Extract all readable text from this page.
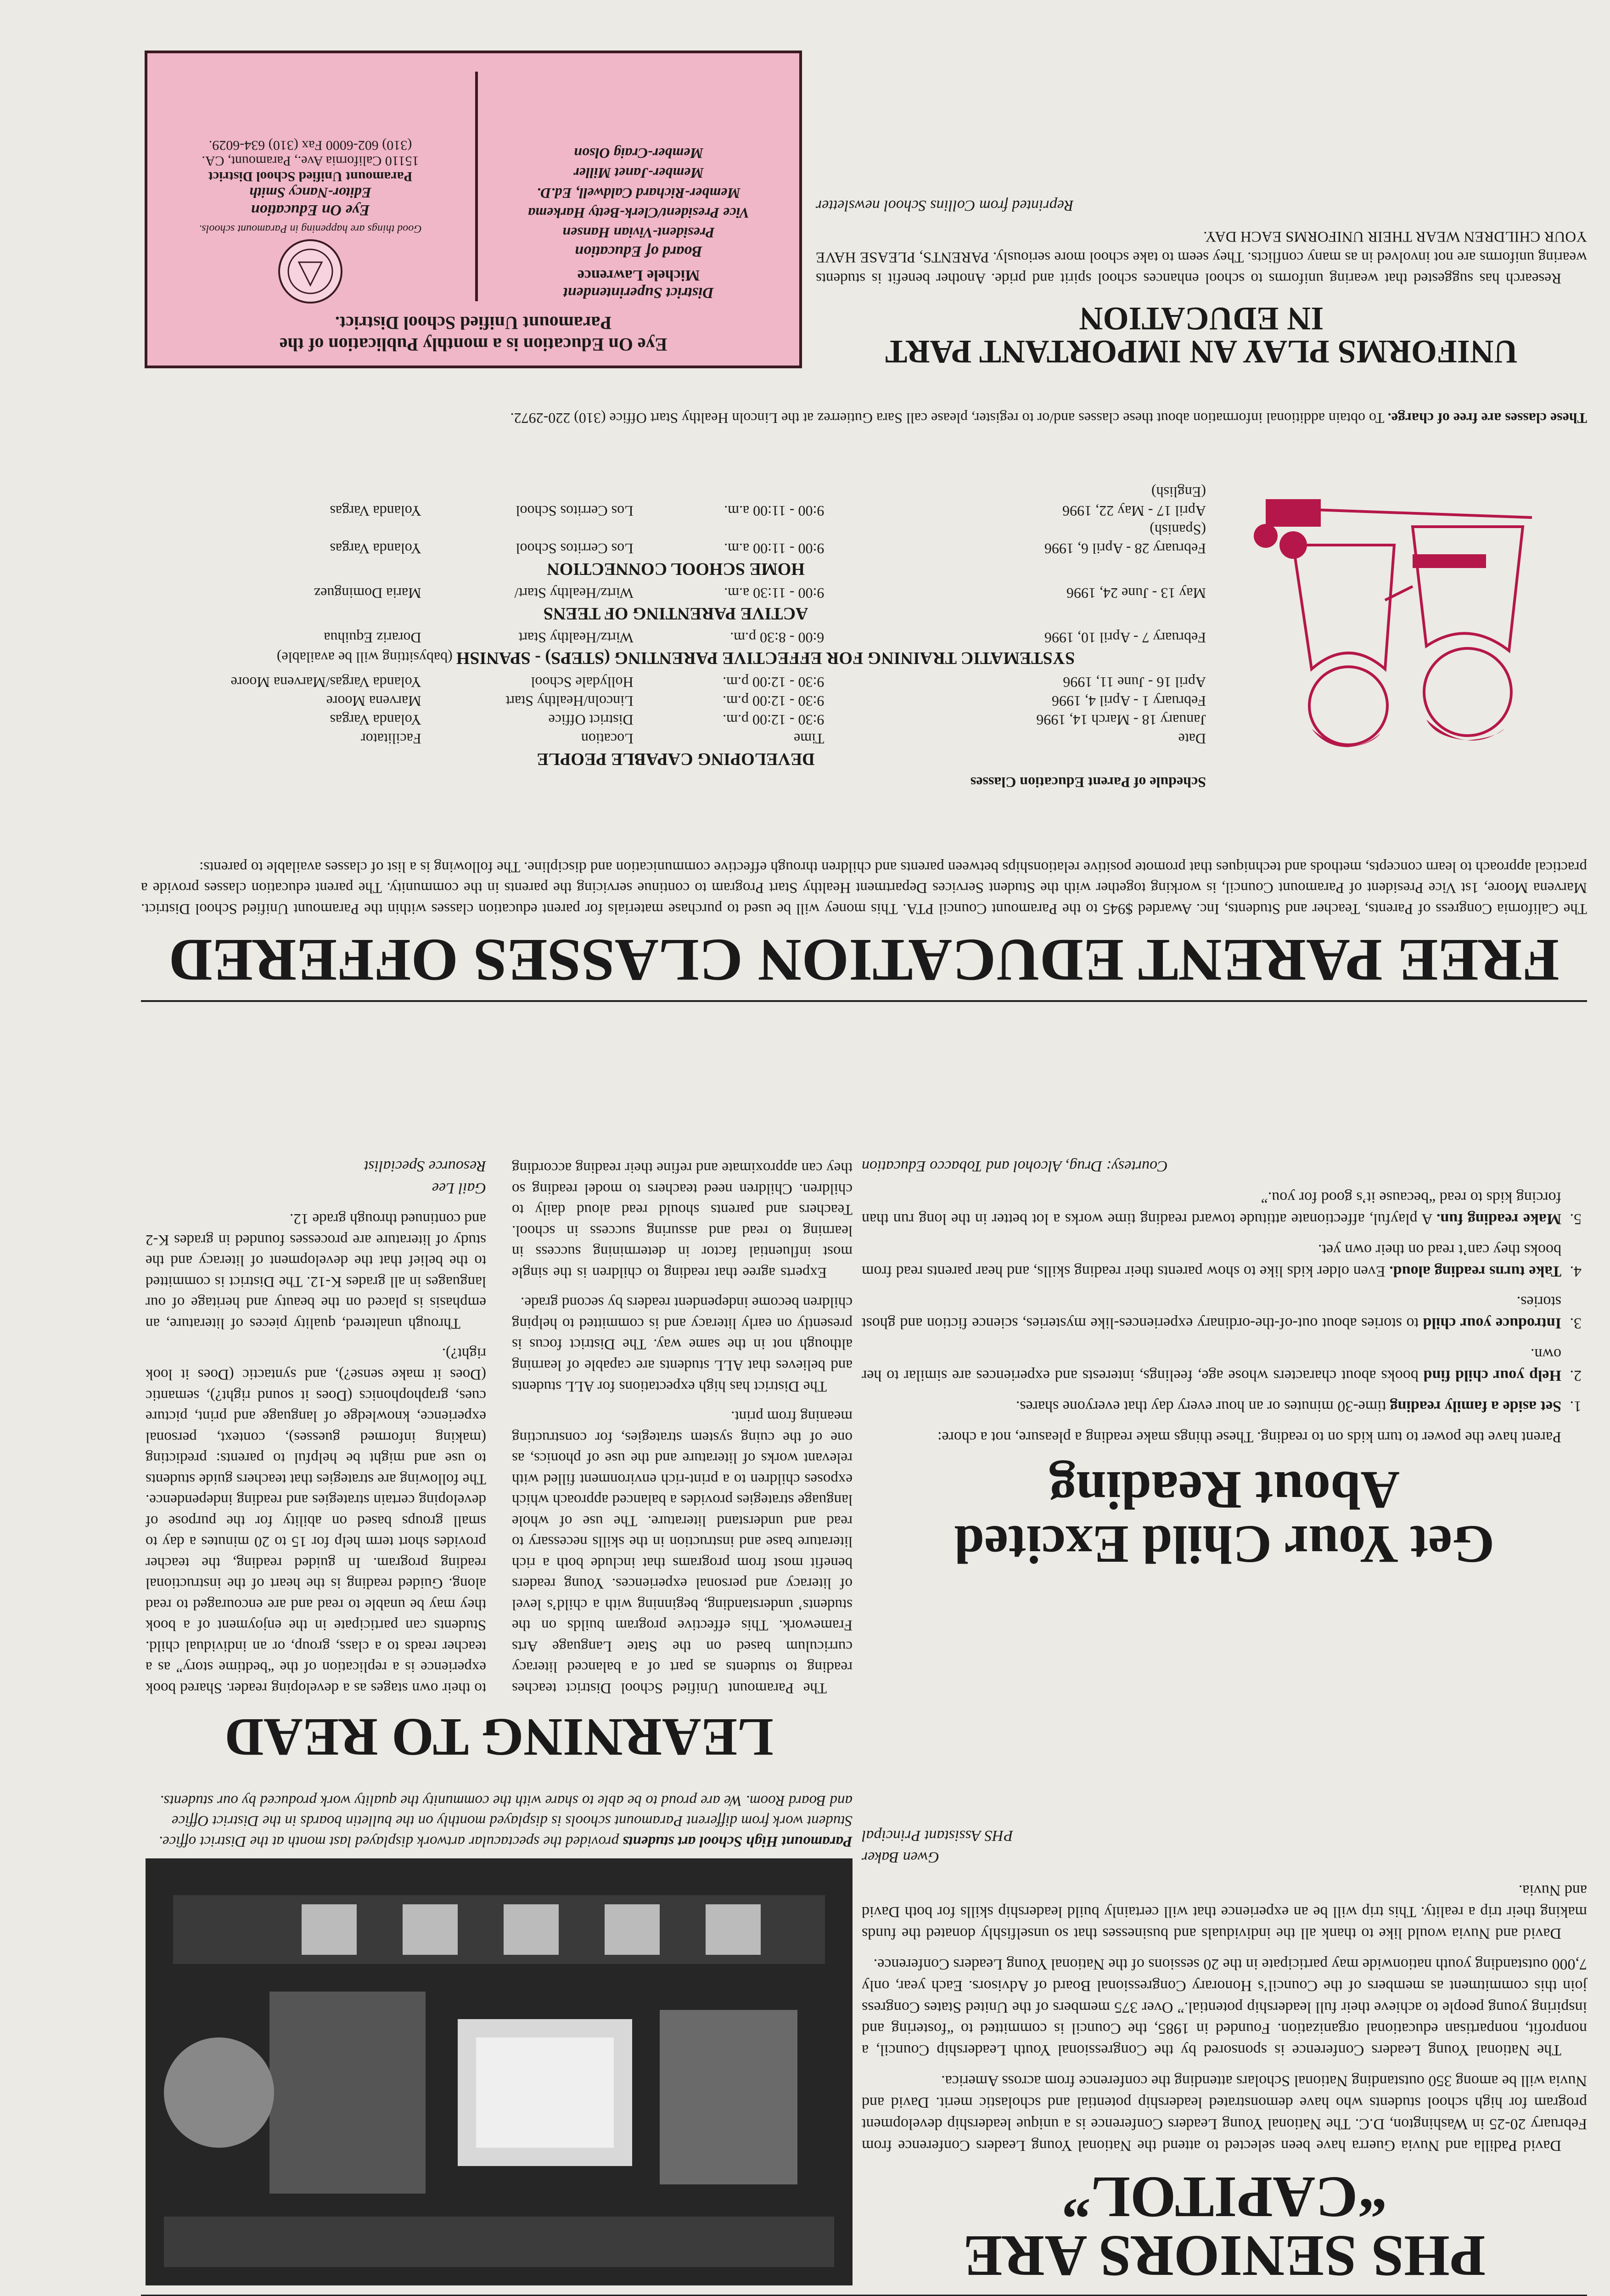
PHS SENIORS ARE
“CAPITOL”

David Padilla and Nuvia Guerra have been selected to attend the National Young Leaders Conference from February 20-25 in Washington, D.C. The National Young Leaders Conference is a unique leadership development program for high school students who have demonstrated leadership potential and scholastic merit. David and Nuvia will be among 350 outstanding National Scholars attending the conference from across America.

The National Young Leaders Conference is sponsored by the Congressional Youth Leadership Council, a nonprofit, nonpartisan educational organization. Founded in 1985, the Council is committed to “fostering and inspiring young people to achieve their full leadership potential.” Over 375 members of the United States Congress join this commitment as members of the Council’s Honorary Congressional Board of Advisors. Each year, only 7,000 outstanding youth nationwide may participate in the 20 sessions of the National Young Leaders Conference.

David and Nuvia would like to thank all the individuals and businesses that so unselfishly donated the funds making their trip a reality. This trip will be an experience that will certainly build leadership skills for both David and Nuvia.

Gwen Baker
PHS Assistant Principal
Paramount High School art students provided the spectacular artwork displayed last month at the District office. Student work from different Paramount schools is displayed monthly on the bulletin boards in the District Office and Board Room. We are proud to be able to share with the community the quality work produced by our students.
LEARNING TO READ

The Paramount Unified School District teaches reading to students as part of a balanced literacy curriculum based on the State Language Arts Framework. This effective program builds on the students’ understanding, beginning with a child’s level of literacy and personal experiences. Young readers benefit most from programs that include both a rich literature base and instruction in the skills necessary to read and understand literature. The use of whole language strategies provides a balanced approach which exposes children to a print-rich environment filled with relevant works of literature and the use of phonics, as one of the cuing system strategies, for constructing meaning from print.

The District has high expectations for ALL students and believes that ALL students are capable of learning although not in the same way. The District focus is presently on early literacy and is committed to helping children become independent readers by second grade.

Experts agree that reading to children is the single most influential factor in determining success in learning to read and assuring success in school. Teachers and parents should read aloud daily to children. Children need teachers to model reading so they can approximate and refine their reading according to their own stages as a developing reader. Shared book experience is a replication of the “bedtime story” as a teacher reads to a class, group, or an individual child. Students can participate in the enjoyment of a book they may be unable to read and are encouraged to read along. Guided reading is the heart of the instructional reading program. In guided reading, the teacher provides short term help for 15 to 20 minutes a day to small groups based on ability for the purpose of developing certain strategies and reading independence. The following are strategies that teachers guide students to use and might be helpful to parents: predicting (making informed guesses), context, personal experience, knowledge of language and print, picture cues, graphophonics (Does it sound right?), semantic (Does it make sense?), and syntactic (Does it look right?).

Through unaltered, quality pieces of literature, an emphasis is placed on the beauty and heritage of our languages in all grades K-12. The District is committed to the belief that the development of literacy and the study of literature are processes founded in grades K-2 and continued through grade 12.

Gail Lee
Resource Specialist
Get Your Child Excited
About Reading

Parent have the power to turn kids on to reading. These things make reading a pleasure, not a chore:

1. Set aside a family reading time-30 minutes or an hour every day that everyone shares.
2. Help your child find books about characters whose age, feelings, interests and experiences are similar to her own.
3. Introduce your child to stories about out-of-the-ordinary experiences-like mysteries, science fiction and ghost stories.
4. Take turns reading aloud. Even older kids like to show parents their reading skills, and hear parents read from books they can’t read on their own yet.
5. Make reading fun. A playful, affectionate attitude toward reading time works a lot better in the long run than forcing kids to read “because it’s good for you.”
Courtesy: Drug, Alcohol and Tobacco Education
FREE PARENT EDUCATION CLASSES OFFERED

The California Congress of Parents, Teacher and Students, Inc. Awarded $945 to the Paramount Council PTA. This money will be used to purchase materials for parent education classes within the Paramount Unified School District. Marvena Moore, 1st Vice President of Paramount Council, is working together with the Student Services Department Healthy Start Program to continue servicing the parents in the community. The parent education classes provide a practical approach to learn concepts, methods and techniques that promote positive relationships between parents and children through effective communication and discipline. The following is a list of classes available to parents:

Schedule of Parent Education Classes
DEVELOPING CAPABLE PEOPLE
Date	Time	Location	Facilitator
January 18 - March 14, 1996	9:30 - 12:00 p.m.	District Office	Yolanda Vargas
February 1 - April 4, 1996	9:30 - 12:00 p.m.	Lincoln/Healthy Start	Marvena Moore
April 16 - June 11, 1996	9:30 - 12:00 p.m.	Hollydale School	Yolanda Vargas/Marvena Moore
SYSTEMATIC TRAINING FOR EFFECTIVE PARENTING (STEPS) - SPANISH (babysitting will be available)
February 7 - April 10, 1996	6:00 - 8:30 p.m.	Wirtz/Healthy Start	Dorariz Equihua
ACTIVE PARENTING OF TEENS
May 13 - June 24, 1996	9:00 - 11:30 a.m.	Wirtz/Healthy Start/	Maria Dominguez
HOME SCHOOL CONNECTION
February 28 - April 6, 1996	9:00 - 11:00 a.m.	Los Cerritos School	Yolanda Vargas
(Spanish)			
April 17 - May 22, 1996	9:00 - 11:00 a.m.	Los Cerritos School	Yolanda Vargas
(English)			
These classes are free of charge. To obtain additional information about these classes and/or to register, please call Sara Gutierrez at the Lincoln Healthy Start Office (310) 220-2972.
UNIFORMS PLAY AN IMPORTANT PART
IN EDUCATION

Research has suggested that wearing uniforms to school enhances school spirit and pride. Another benefit is students wearing uniforms are not involved in as many conflicts. They seem to take school more seriously. PARENTS, PLEASE HAVE YOUR CHILDREN WEAR THEIR UNIFORMS EACH DAY.

Reprinted from Collins School newsletter
Eye On Education is a monthly Publication of the
Paramount Unified School District.
District Superintendent
Michele Lawrence
Board of Education
President-Vivian Hansen
Vice President/Clerk-Betty Harkema
Member-Richard Caldwell, Ed.D.
Member-Janet Miller
Member-Craig Olson
Good things are happening in Paramount schools.
Eye On Education
Editor-Nancy Smith
Paramount Unified School District
15110 California Ave., Paramount, CA.
(310) 602-6000 Fax (310) 634-6029.
